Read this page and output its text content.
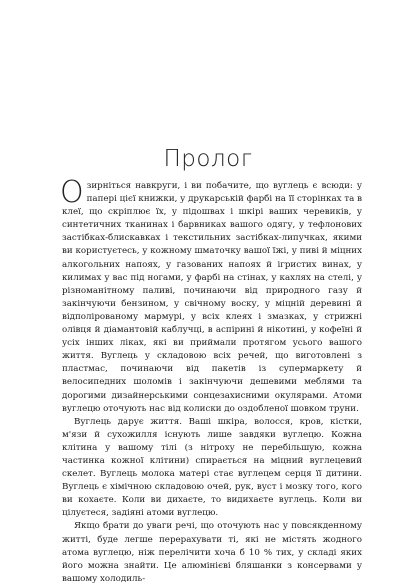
Пролог

Озирніться навкруги, і ви побачите, що вуглець є всюди: у папері цієї книжки, у друкарській фарбі на її сторінках та в клеї, що скріплює їх, у підошвах і шкірі ваших черевиків, у синтетичних тканинах і барвниках вашого одягу, у тефлонових застібках-блискавках і текстильних застібках-липучках, якими ви користуєтесь, у кожному шматочку вашої їжі, у пиві й міцних алкогольних напоях, у газованих напоях й ігристих винах, у килимах у вас під ногами, у фарбі на стінах, у кахлях на стелі, у різноманітному паливі, починаючи від природного газу й закінчуючи бензином, у свічному воску, у міцній деревині й відполірованому мармурі, у всіх клеях і змазках, у стрижні олівця й діамантовій каблучці, в аспірині й нікотині, у кофеїні й усіх інших ліках, які ви приймали протягом усього вашого життя. Вуглець у складовою всіх речей, що виготовлені з пластмас, починаючи від пакетів із супермаркету й велосипедних шоломів і закінчуючи дешевими меблями та дорогими дизайнерськими сонцезахисними окулярами. Атоми вуглецю оточують нас від колиски до оздобленої шовком труни.

Вуглець дарує життя. Ваші шкіра, волосся, кров, кістки, м'язи й сухожилля існують лише завдяки вуглецю. Кожна клітина у вашому тілі (з нітроху не перебільшую, кожна частинка кожної клітини) спирається на міцний вуглецевий скелет. Вуглець молока матері стає вуглецем серця її дитини. Вуглець є хімічною складовою очей, рук, вуст і мозку того, кого ви кохаєте. Коли ви дихаєте, то видихаєте вуглець. Коли ви цілуєтеся, задіяні атоми вуглецю.

Якщо брати до уваги речі, що оточують нас у повсякденному житті, буде легше перерахувати ті, які не містять жодного атома вуглецю, ніж перелічити хоча б 10 % тих, у складі яких його можна знайти. Це алюмінієві бляшанки з консервами у вашому холодиль-
